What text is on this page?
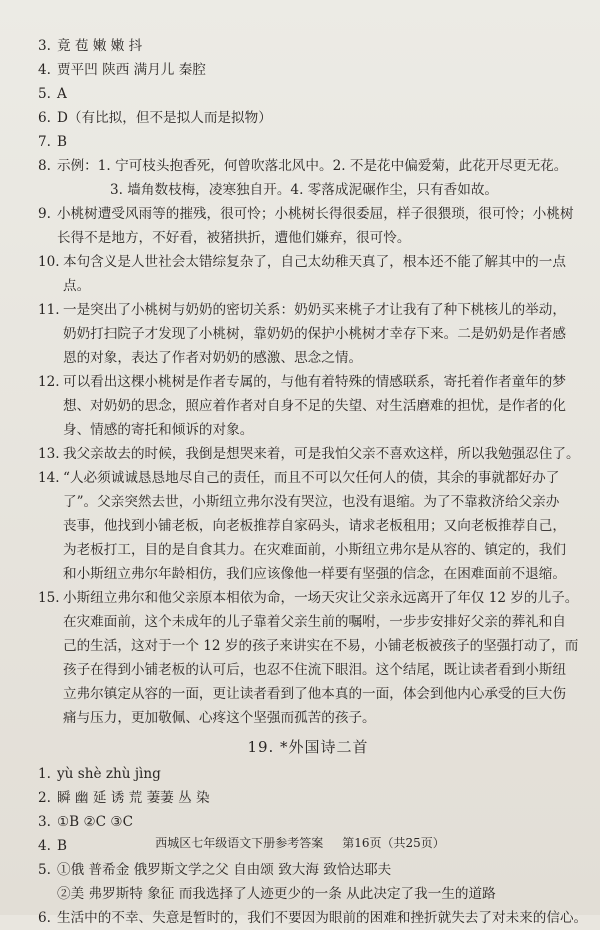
3. 竟 苞 嫩 嫩 抖
4. 贾平凹 陕西 满月儿 秦腔
5. A
6. D（有比拟，但不是拟人而是拟物）
7. B
8. 示例：1. 宁可枝头抱香死，何曾吹落北风中。2. 不是花中偏爱菊，此花开尽更无花。
3. 墙角数枝梅，凌寒独自开。4. 零落成泥碾作尘，只有香如故。
9. 小桃树遭受风雨等的摧残，很可怜；小桃树长得很委屈，样子很猥琐，很可怜；小桃树
长得不是地方，不好看，被猪拱折，遭他们嫌弃，很可怜。
10. 本句含义是人世社会太错综复杂了，自己太幼稚天真了，根本还不能了解其中的一点
点。
11. 一是突出了小桃树与奶奶的密切关系：奶奶买来桃子才让我有了种下桃核儿的举动，
奶奶打扫院子才发现了小桃树，靠奶奶的保护小桃树才幸存下来。二是奶奶是作者感
恩的对象，表达了作者对奶奶的感激、思念之情。
12. 可以看出这棵小桃树是作者专属的，与他有着特殊的情感联系，寄托着作者童年的梦
想、对奶奶的思念，照应着作者对自身不足的失望、对生活磨难的担忧，是作者的化
身、情感的寄托和倾诉的对象。
13. 我父亲故去的时候，我倒是想哭来着，可是我怕父亲不喜欢这样，所以我勉强忍住了。
14. “人必须诚诚恳恳地尽自己的责任，而且不可以欠任何人的债，其余的事就都好办了
了”。父亲突然去世，小斯纽立弗尔没有哭泣，也没有退缩。为了不靠救济给父亲办
丧事，他找到小铺老板，向老板推荐自家码头，请求老板租用；又向老板推荐自己，
为老板打工，目的是自食其力。在灾难面前，小斯纽立弗尔是从容的、镇定的，我们
和小斯纽立弗尔年龄相仿，我们应该像他一样要有坚强的信念，在困难面前不退缩。
15. 小斯纽立弗尔和他父亲原本相依为命，一场天灾让父亲永远离开了年仅 12 岁的儿子。
在灾难面前，这个未成年的儿子靠着父亲生前的嘱咐，一步步安排好父亲的葬礼和自
己的生活，这对于一个 12 岁的孩子来讲实在不易，小铺老板被孩子的坚强打动了，而
孩子在得到小铺老板的认可后，也忍不住流下眼泪。这个结尾，既让读者看到小斯纽
立弗尔镇定从容的一面，更让读者看到了他本真的一面，体会到他内心承受的巨大伤
痛与压力，更加敬佩、心疼这个坚强而孤苦的孩子。
19. *外国诗二首
1. yù shè zhù jìng
2. 瞬 幽 延 诱 荒 萋萋 丛 染
3. ①B ②C ③C
4. B
5. ①俄 普希金 俄罗斯文学之父 自由颂 致大海 致恰达耶夫
②美 弗罗斯特 象征 而我选择了人迹更少的一条 从此决定了我一生的道路
6. 生活中的不幸、失意是暂时的，我们不要因为眼前的困难和挫折就失去了对未来的信心。
西城区七年级语文下册参考答案     第16页（共25页）
